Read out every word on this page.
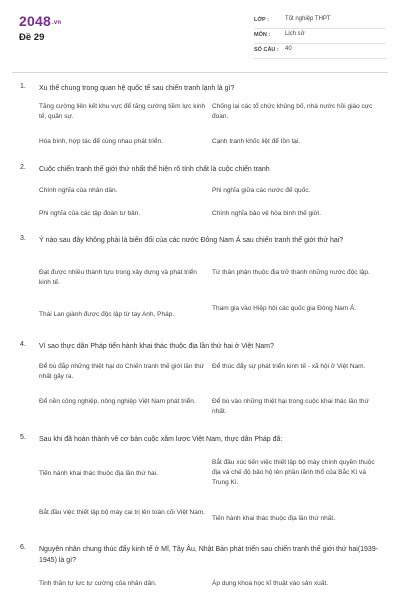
$2048^{.vn}$
Đề 29
LỚP :	Tốt nghiệp THPT
MÔN : Lịch sử
SỐ CÂU : 40
1. Xu thế chung trong quan hệ quốc tế sau chiến tranh lạnh là gì?
Tăng cường liên kết khu vực để tăng cường tiềm lực kinh tế, quân sự.
Chống lại các tổ chức khủng bố, nhà nước hồi giáo cực đoan.
Hòa bình, hợp tác để cùng nhau phát triển.	Cạnh tranh khốc liệt để tồn tại.
2. Cuộc chiến tranh thế giới thứ nhất thể hiện rõ tính chất là cuộc chiến tranh
Chính nghĩa của nhân dân.	Phi nghĩa giữa các nước đế quốc.
Phi nghĩa của các tập đoàn tư bản.	Chính nghĩa bảo vệ hòa bình thế giới.
3. Ý nào sau đây không phải là biến đổi của các nước Đông Nam Á sau chiến tranh thế giới thứ hai?
Đạt được nhiều thành tựu trong xây dựng và phát triển kinh tế.
Từ thân phận thuộc địa trở thành những nước độc lập.
Thái Lan giành được độc lập từ tay Anh, Pháp.
Tham gia vào Hiệp hội các quốc gia Đông Nam Á.
4. Vì sao thực dân Pháp tiến hành khai thác thuộc địa lần thứ hai ở Việt Nam?
Để bù đắp những thiệt hại do Chiến tranh thế giới lần thứ nhất gây ra.
Để thúc đẩy sự phát triển kinh tế - xã hội ở Việt Nam.
Để nền công nghiệp, nông nghiệp Việt Nam phát triển.	Để bù vào những thiệt hại trong cuộc khai thác lần thứ nhất.
5. Sau khi đã hoàn thành về cơ bản cuộc xâm lược Việt Nam, thực dân Pháp đã:
Tiến hành khai thác thuộc địa lần thứ hai.
Bắt đầu xúc tiến việc thiết lập bộ máy chính quyền thuộc địa và chế độ bảo hộ lên phần lãnh thổ của Bắc Kì và Trung Kì.
Bắt đầu việc thiết lập bộ máy cai trị lên toàn cõi Việt Nam.
Tiến hành khai thác thuộc địa lần thứ nhất.
6. Nguyên nhân chung thúc đẩy kinh tế ở Mĩ, Tây Âu, Nhật Bản phát triển sau chiến tranh thế giới thứ hai(1939-1945) là gì?
Tinh thần tự lực tự cường của nhân dân.	Áp dụng khoa học kĩ thuật vào sản xuất.
